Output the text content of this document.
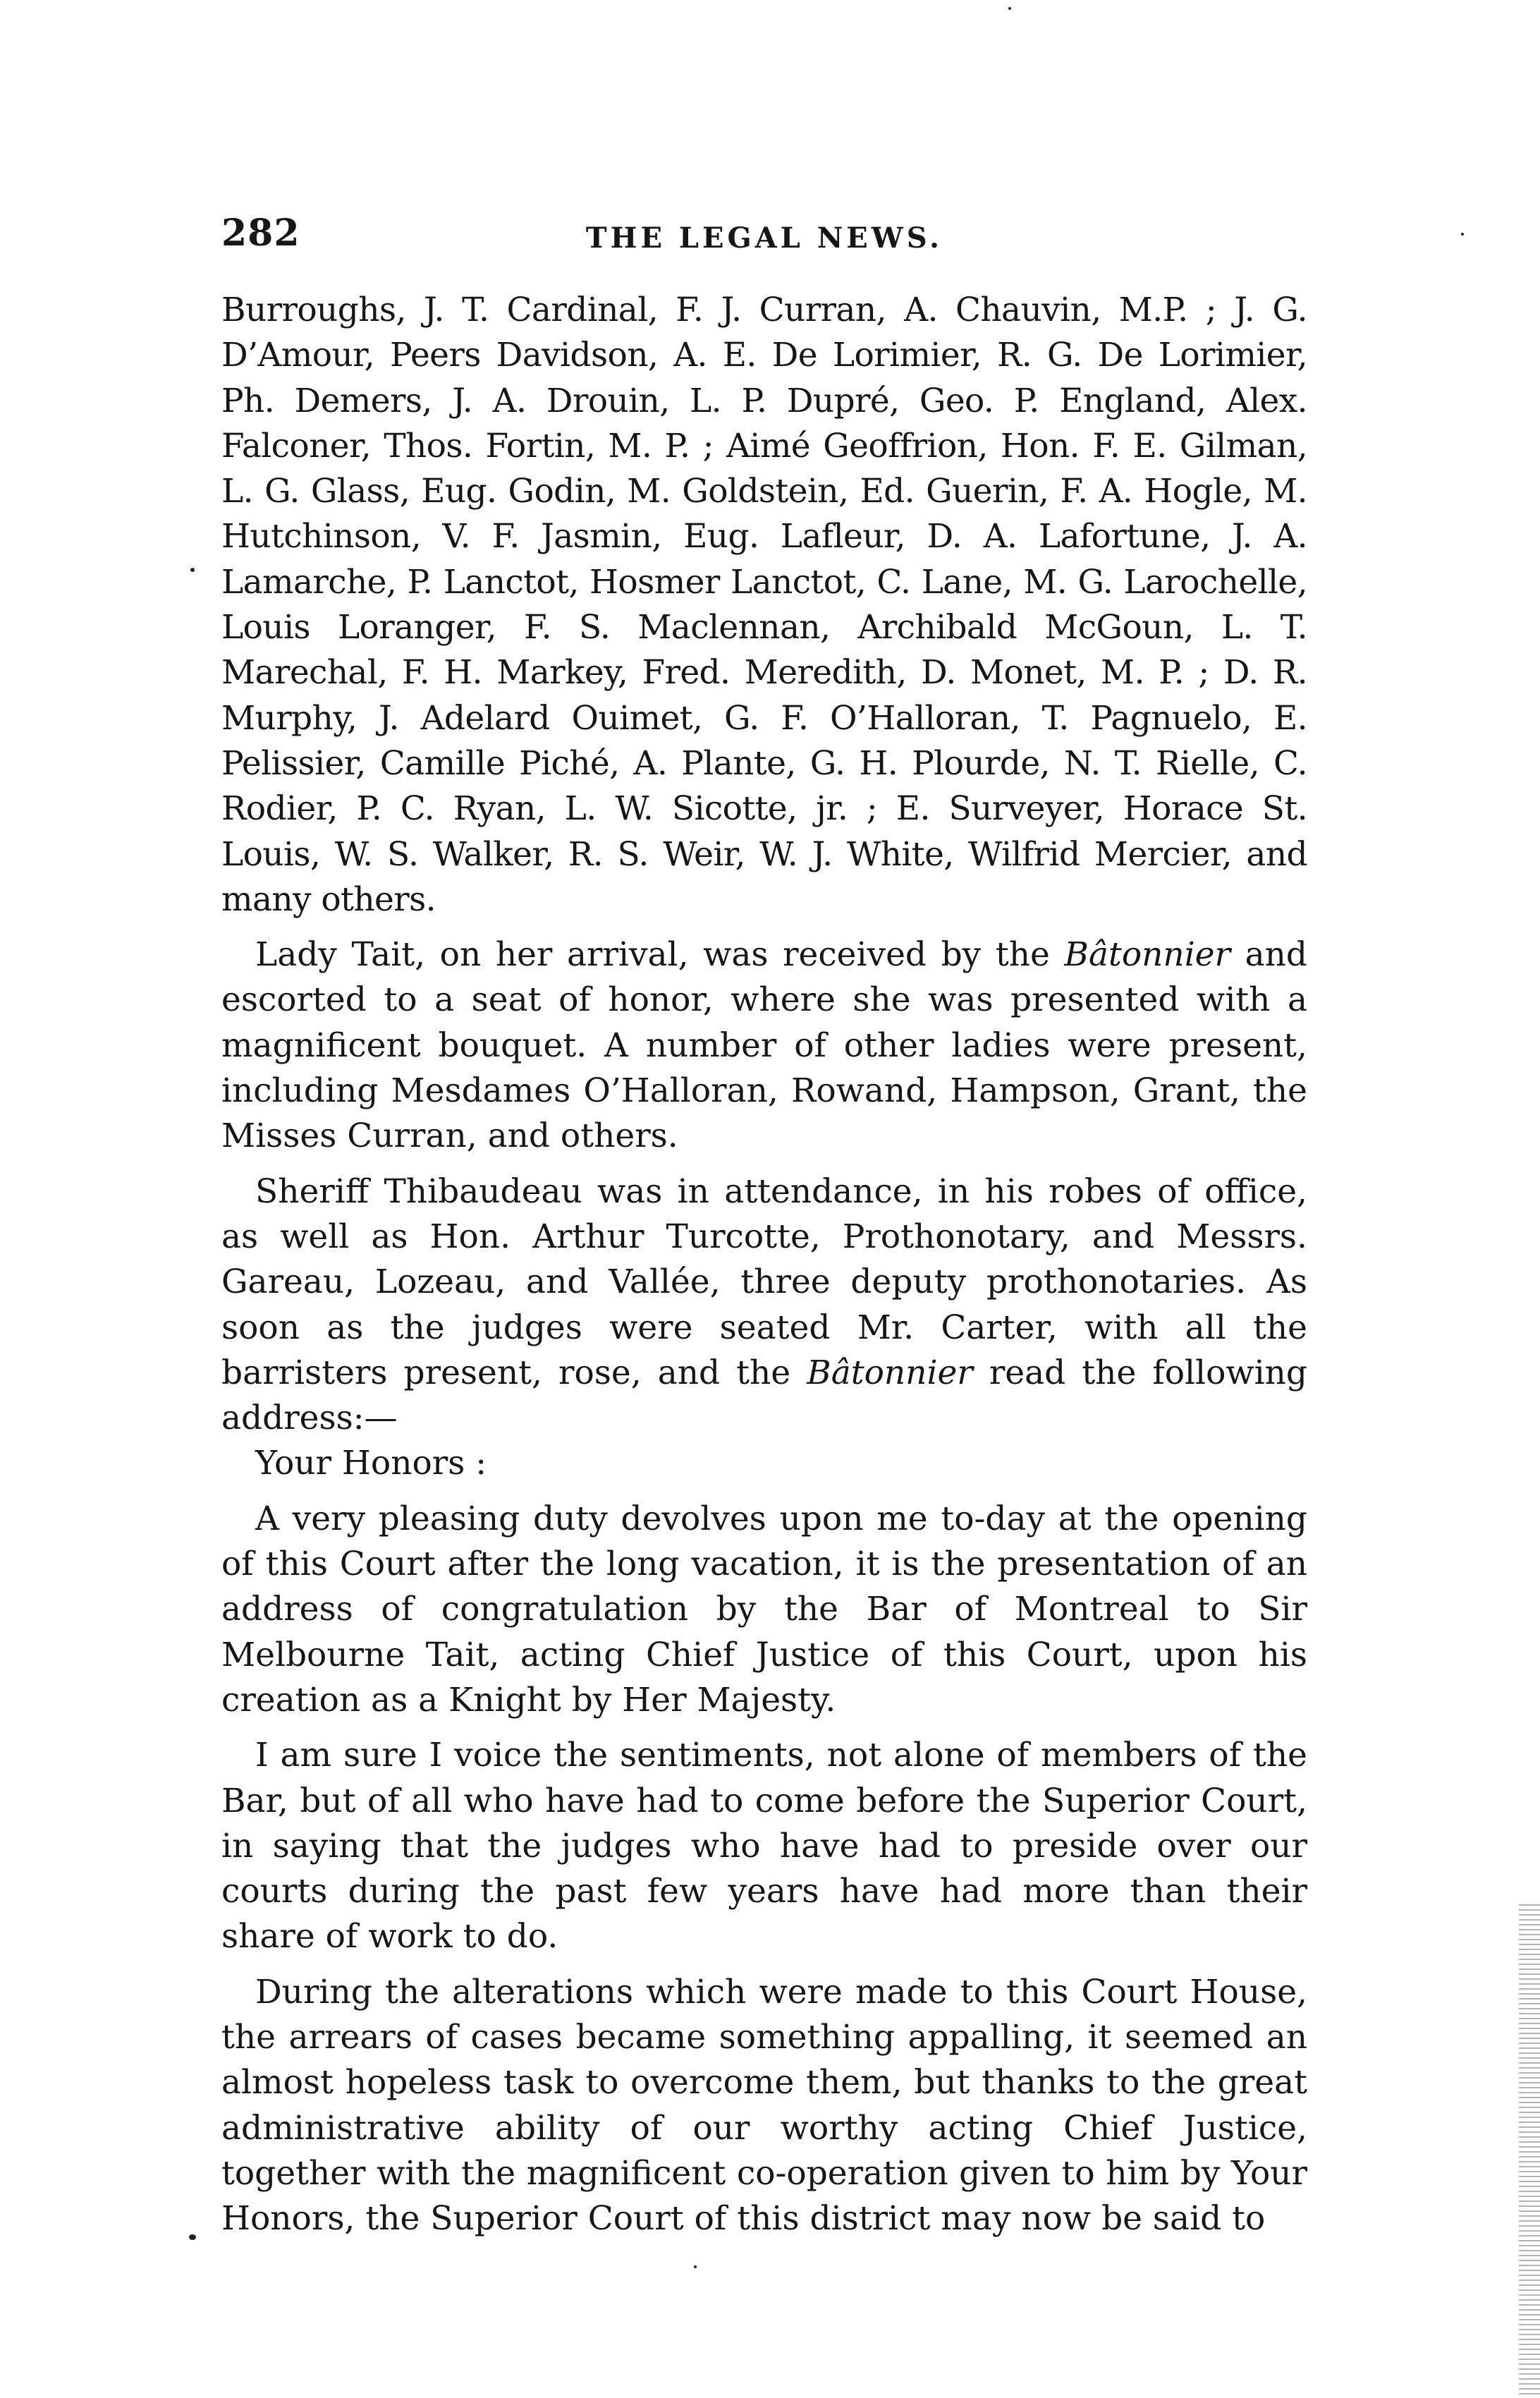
282	THE LEGAL NEWS.

Burroughs, J. T. Cardinal, F. J. Curran, A. Chauvin, M.P. ; J. G. D’Amour, Peers Davidson, A. E. De Lorimier, R. G. De Lorimier, Ph. Demers, J. A. Drouin, L. P. Dupré, Geo. P. England, Alex. Falconer, Thos. Fortin, M. P. ; Aimé Geoffrion, Hon. F. E. Gilman, L. G. Glass, Eug. Godin, M. Goldstein, Ed. Guerin, F. A. Hogle, M. Hutchinson, V. F. Jasmin, Eug. Lafleur, D. A. Lafortune, J. A. Lamarche, P. Lanctot, Hosmer Lanctot, C. Lane, M. G. Larochelle, Louis Loranger, F. S. Maclennan, Archibald McGoun, L. T. Marechal, F. H. Markey, Fred. Meredith, D. Monet, M. P. ; D. R. Murphy, J. Adelard Ouimet, G. F. O’Halloran, T. Pagnuelo, E. Pelissier, Camille Piché, A. Plante, G. H. Plourde, N. T. Rielle, C. Rodier, P. C. Ryan, L. W. Sicotte, jr. ; E. Surveyer, Horace St. Louis, W. S. Walker, R. S. Weir, W. J. White, Wilfrid Mercier, and many others.

Lady Tait, on her arrival, was received by the Bâtonnier and escorted to a seat of honor, where she was presented with a magnificent bouquet. A number of other ladies were present, including Mesdames O’Halloran, Rowand, Hampson, Grant, the Misses Curran, and others.

Sheriff Thibaudeau was in attendance, in his robes of office, as well as Hon. Arthur Turcotte, Prothonotary, and Messrs. Gareau, Lozeau, and Vallée, three deputy prothonotaries. As soon as the judges were seated Mr. Carter, with all the barristers present, rose, and the Bâtonnier read the following address:—

Your Honors :

A very pleasing duty devolves upon me to-day at the opening of this Court after the long vacation, it is the presentation of an address of congratulation by the Bar of Montreal to Sir Melbourne Tait, acting Chief Justice of this Court, upon his creation as a Knight by Her Majesty.

I am sure I voice the sentiments, not alone of members of the Bar, but of all who have had to come before the Superior Court, in saying that the judges who have had to preside over our courts during the past few years have had more than their share of work to do.

During the alterations which were made to this Court House, the arrears of cases became something appalling, it seemed an almost hopeless task to overcome them, but thanks to the great administrative ability of our worthy acting Chief Justice, together with the magnificent co-operation given to him by Your Honors, the Superior Court of this district may now be said to
